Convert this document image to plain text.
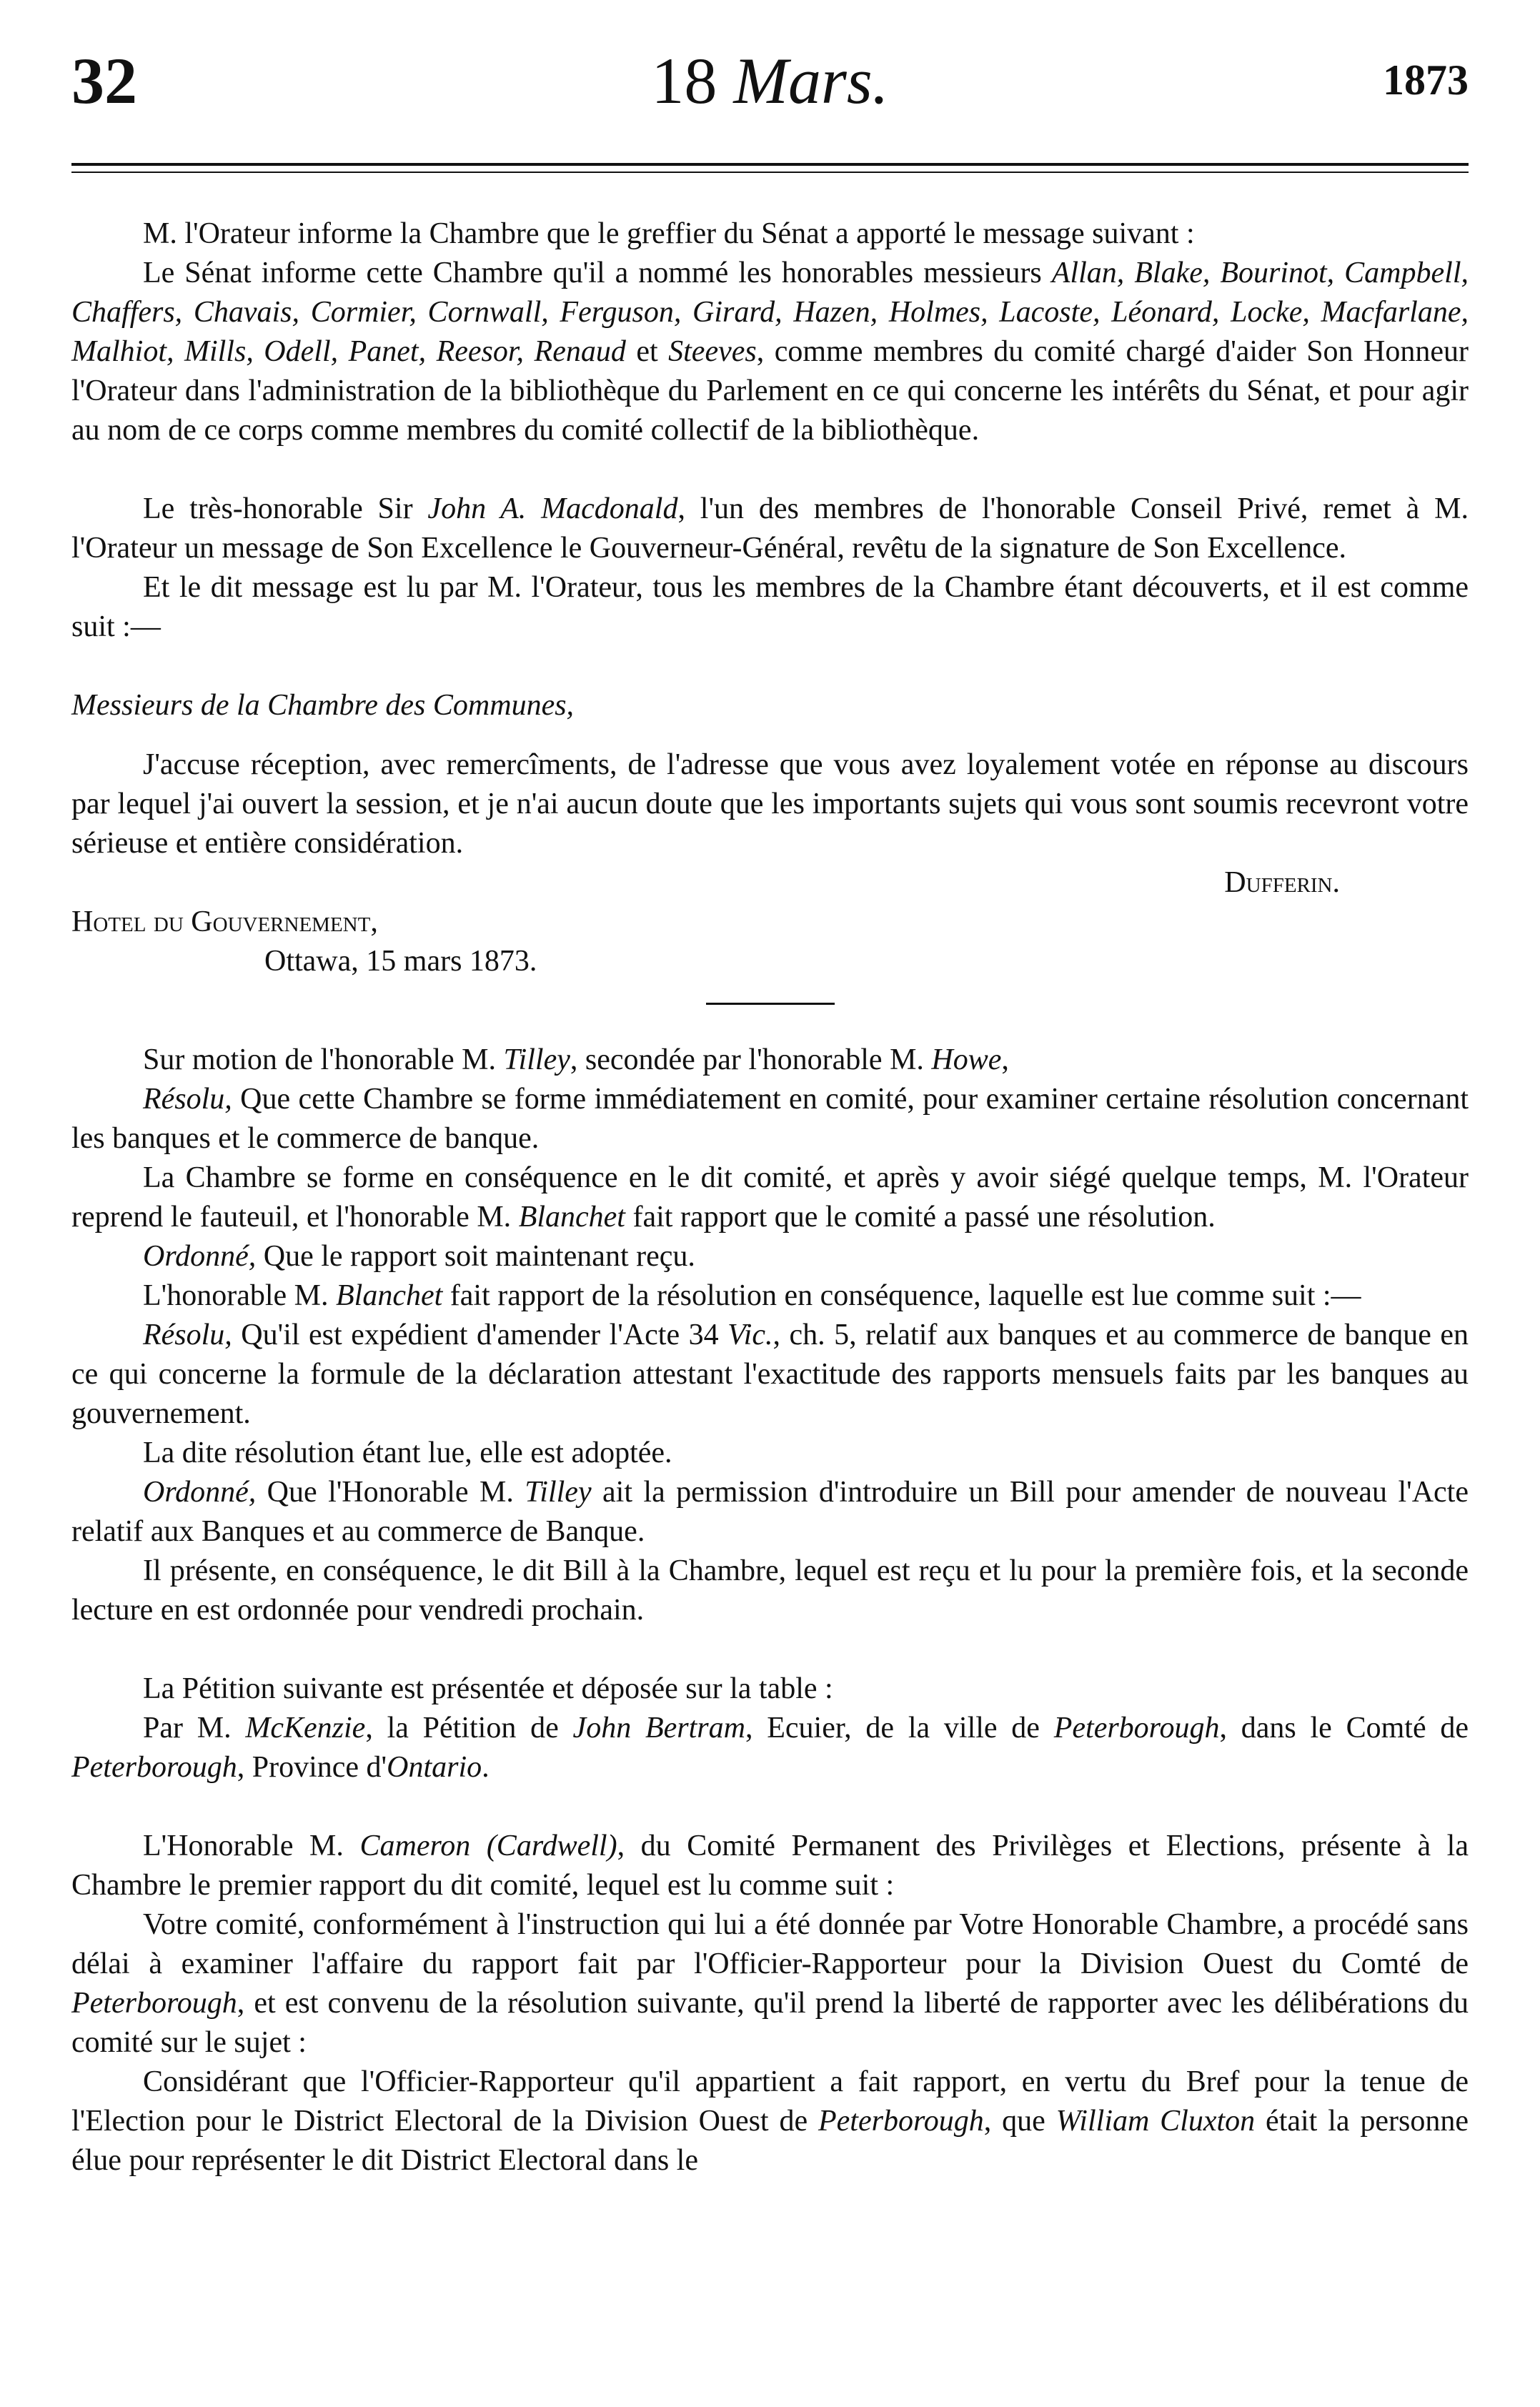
32	18 Mars.	1873

M. l'Orateur informe la Chambre que le greffier du Sénat a apporté le message suivant :

Le Sénat informe cette Chambre qu'il a nommé les honorables messieurs Allan, Blake, Bourinot, Campbell, Chaffers, Chavais, Cormier, Cornwall, Ferguson, Girard, Hazen, Holmes, Lacoste, Léonard, Locke, Macfarlane, Malhiot, Mills, Odell, Panet, Reesor, Renaud et Steeves, comme membres du comité chargé d'aider Son Honneur l'Orateur dans l'administration de la bibliothèque du Parlement en ce qui concerne les intérêts du Sénat, et pour agir au nom de ce corps comme membres du comité collectif de la bibliothèque.

Le très-honorable Sir John A. Macdonald, l'un des membres de l'honorable Conseil Privé, remet à M. l'Orateur un message de Son Excellence le Gouverneur-Général, revêtu de la signature de Son Excellence.

Et le dit message est lu par M. l'Orateur, tous les membres de la Chambre étant découverts, et il est comme suit :—

Messieurs de la Chambre des Communes,

J'accuse réception, avec remercîments, de l'adresse que vous avez loyalement votée en réponse au discours par lequel j'ai ouvert la session, et je n'ai aucun doute que les importants sujets qui vous sont soumis recevront votre sérieuse et entière considération.

Dufferin.

Hotel du Gouvernement,

Ottawa, 15 mars 1873.

Sur motion de l'honorable M. Tilley, secondée par l'honorable M. Howe,

Résolu, Que cette Chambre se forme immédiatement en comité, pour examiner certaine résolution concernant les banques et le commerce de banque.

La Chambre se forme en conséquence en le dit comité, et après y avoir siégé quelque temps, M. l'Orateur reprend le fauteuil, et l'honorable M. Blanchet fait rapport que le comité a passé une résolution.

Ordonné, Que le rapport soit maintenant reçu.

L'honorable M. Blanchet fait rapport de la résolution en conséquence, laquelle est lue comme suit :—

Résolu, Qu'il est expédient d'amender l'Acte 34 Vic., ch. 5, relatif aux banques et au commerce de banque en ce qui concerne la formule de la déclaration attestant l'exactitude des rapports mensuels faits par les banques au gouvernement.

La dite résolution étant lue, elle est adoptée.

Ordonné, Que l'Honorable M. Tilley ait la permission d'introduire un Bill pour amender de nouveau l'Acte relatif aux Banques et au commerce de Banque.

Il présente, en conséquence, le dit Bill à la Chambre, lequel est reçu et lu pour la première fois, et la seconde lecture en est ordonnée pour vendredi prochain.

La Pétition suivante est présentée et déposée sur la table :

Par M. McKenzie, la Pétition de John Bertram, Ecuier, de la ville de Peterborough, dans le Comté de Peterborough, Province d'Ontario.

L'Honorable M. Cameron (Cardwell), du Comité Permanent des Privilèges et Elections, présente à la Chambre le premier rapport du dit comité, lequel est lu comme suit :

Votre comité, conformément à l'instruction qui lui a été donnée par Votre Honorable Chambre, a procédé sans délai à examiner l'affaire du rapport fait par l'Officier-Rapporteur pour la Division Ouest du Comté de Peterborough, et est convenu de la résolution suivante, qu'il prend la liberté de rapporter avec les délibérations du comité sur le sujet :

Considérant que l'Officier-Rapporteur qu'il appartient a fait rapport, en vertu du Bref pour la tenue de l'Election pour le District Electoral de la Division Ouest de Peterborough, que William Cluxton était la personne élue pour représenter le dit District Electoral dans le
